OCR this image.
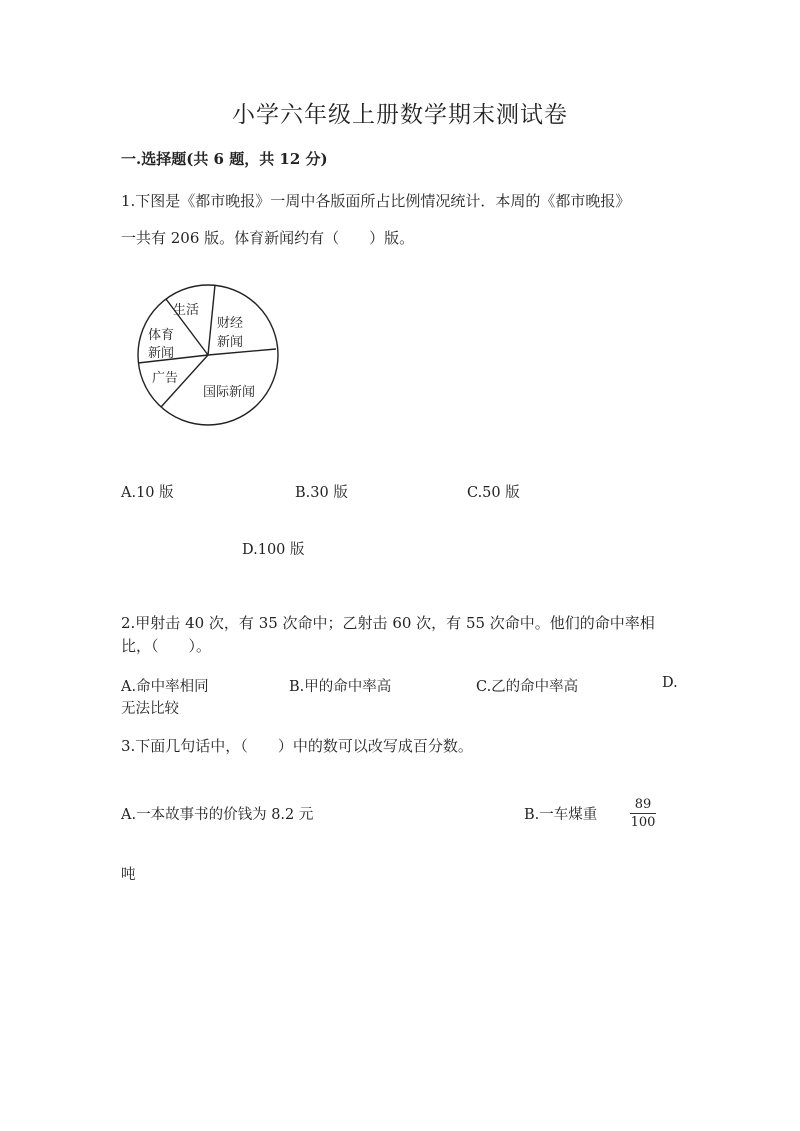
小学六年级上册数学期末测试卷
一.选择题(共 6 题，共 12 分)
1.下图是《都市晚报》一周中各版面所占比例情况统计．本周的《都市晚报》
一共有 206 版。体育新闻约有（　　）版。
生活
财经
新闻
体育
新闻
广告
国际新闻
A.10 版	B.30 版	C.50 版
D.100 版
2.甲射击 40 次，有 35 次命中；乙射击 60 次，有 55 次命中。他们的命中率相
比，（　　）。
A.命中率相同	B.甲的命中率高	C.乙的命中率高	D.
无法比较
3.下面几句话中，（　　）中的数可以改写成百分数。
A.一本故事书的价钱为 8.2 元	B.一车煤重	$\frac{89}{100}$
吨
